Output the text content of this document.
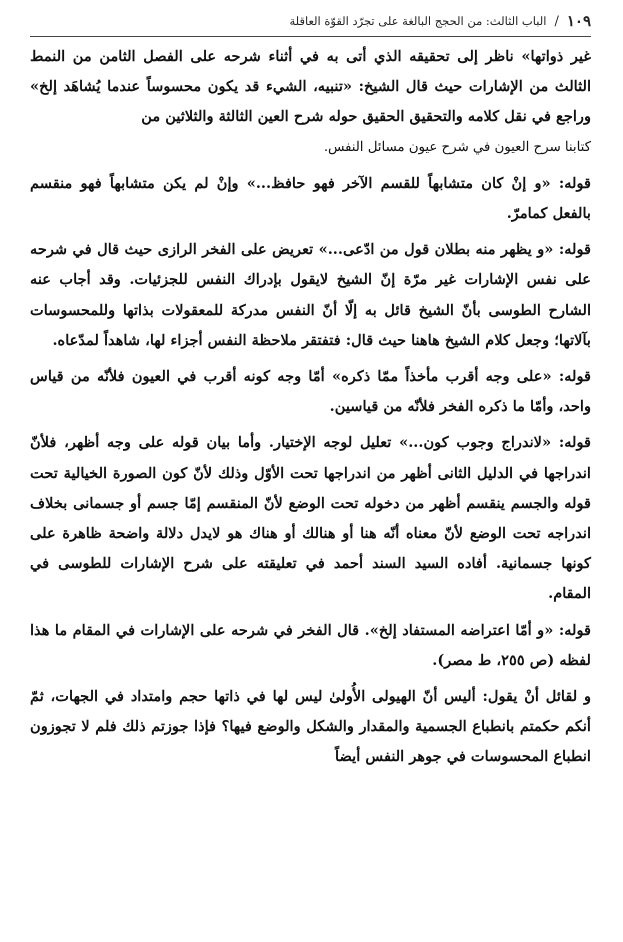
١٠٩
/
الباب الثالث: من الحجج البالغة على تجرّد القوّة العاقلة

غير ذواتها» ناظر إلى تحقيقه الذي أتى به في أثناء شرحه على الفصل الثامن من النمط الثالث من الإشارات حيث قال الشيخ: «تنبيه، الشيء قد يكون محسوساً عندما يُشاهَد إلخ» وراجع في نقل كلامه والتحقيق الحقيق حوله شرح العين الثالثة والثلاثين من

كتابنا سرح العيون في شرح عيون مسائل النفس.

قوله: «و إنْ كان متشابهاً للقسم الآخر فهو حافظ...» وإنْ لم يكن متشابهاً فهو منقسم بالفعل كمامرّ.

قوله: «و يظهر منه بطلان قول من ادّعى...» تعريض على الفخر الرازى حيث قال في شرحه على نفس الإشارات غير مرّة إنّ الشيخ لايقول بإدراك النفس للجزئيات. وقد أجاب عنه الشارح الطوسى بأنّ الشيخ قائل به إلّا أنّ النفس مدركة للمعقولات بذاتها وللمحسوسات بآلاتها؛ وجعل كلام الشيخ هاهنا حيث قال: فتفتقر ملاحظة النفس أجزاء لها، شاهداً لمدّعاه.

قوله: «على وجه أقرب مأخذاً ممّا ذكره» أمّا وجه كونه أقرب في العيون فلأنّه من قياس واحد، وأمّا ما ذكره الفخر فلأنّه من قياسين.

قوله: «لاندراج وجوب كون...» تعليل لوجه الإختيار. وأما بيان قوله على وجه أظهر، فلأنّ اندراجها في الدليل الثانى أظهر من اندراجها تحت الأوّل وذلك لأنّ كون الصورة الخيالية تحت قوله والجسم ينقسم أظهر من دخوله تحت الوضع لأنّ المنقسم إمّا جسم أو جسمانى بخلاف اندراجه تحت الوضع لأنّ معناه أنّه هنا أو هنالك أو هناك هو لايدل دلالة واضحة ظاهرة على كونها جسمانية. أفاده السيد السند أحمد في تعليقته على شرح الإشارات للطوسى في المقام.

قوله: «و أمّا اعتراضه المستفاد إلخ». قال الفخر في شرحه على الإشارات في المقام ما هذا لفظه (ص ٢٥٥، ط مصر).

و لقائل أنْ يقول: أليس أنّ الهيولى الأُولىٰ ليس لها في ذاتها حجم وامتداد في الجهات، ثمّ أنكم حكمتم بانطباع الجسمية والمقدار والشكل والوضع فيها؟ فإذا جوزتم ذلك فلم لا تجوزون انطباع المحسوسات في جوهر النفس أيضاً
